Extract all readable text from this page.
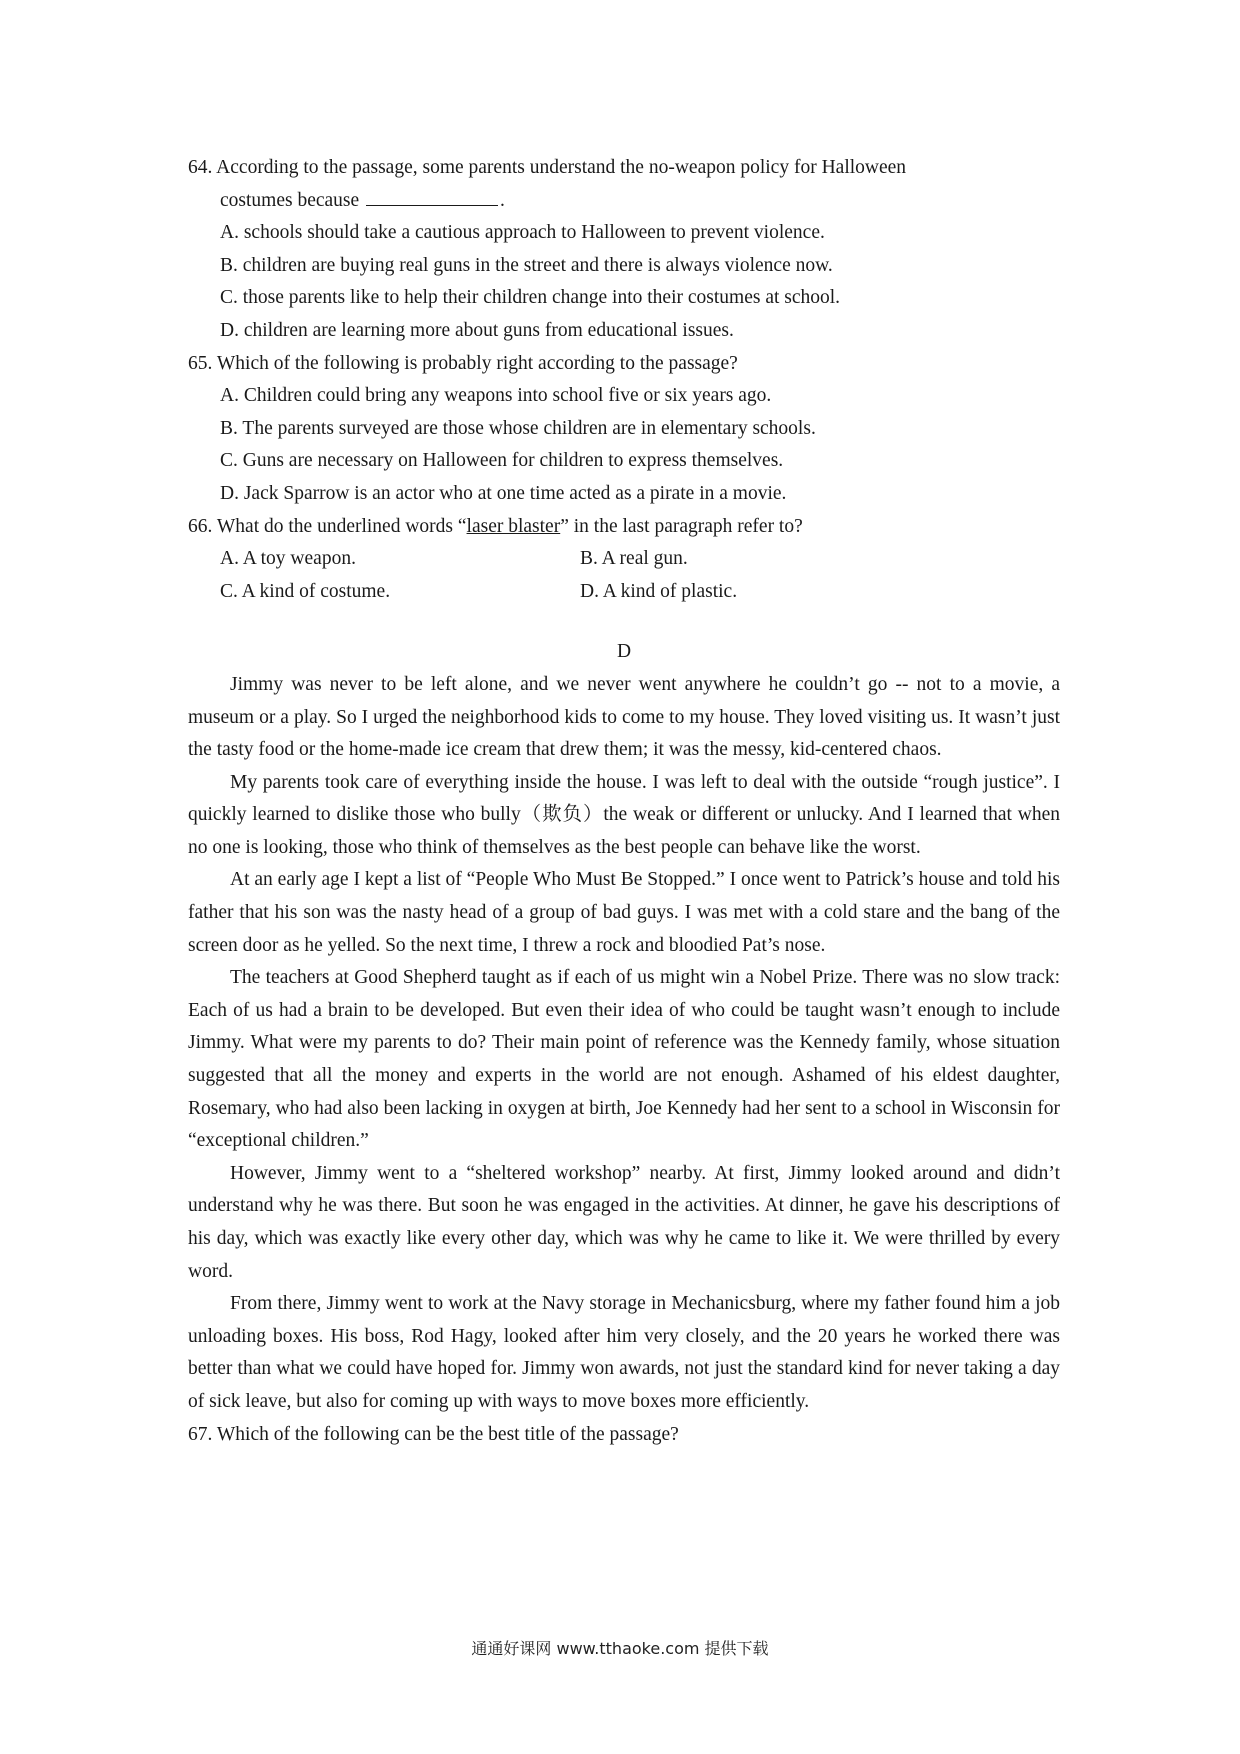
64. According to the passage, some parents understand the no-weapon policy for Halloween
costumes because	.
A. schools should take a cautious approach to Halloween to prevent violence.
B. children are buying real guns in the street and there is always violence now.
C. those parents like to help their children change into their costumes at school.
D. children are learning more about guns from educational issues.
65. Which of the following is probably right according to the passage?
A. Children could bring any weapons into school five or six years ago.
B. The parents surveyed are those whose children are in elementary schools.
C. Guns are necessary on Halloween for children to express themselves.
D. Jack Sparrow is an actor who at one time acted as a pirate in a movie.
66. What do the underlined words “laser blaster” in the last paragraph refer to?
A. A toy weapon.	B. A real gun.
C. A kind of costume.	D. A kind of plastic.
D

Jimmy was never to be left alone, and we never went anywhere he couldn’t go -- not to a movie, a museum or a play. So I urged the neighborhood kids to come to my house. They loved visiting us. It wasn’t just the tasty food or the home-made ice cream that drew them; it was the messy, kid-centered chaos.

My parents took care of everything inside the house. I was left to deal with the outside “rough justice”. I quickly learned to dislike those who bully（欺负）the weak or different or unlucky. And I learned that when no one is looking, those who think of themselves as the best people can behave like the worst.

At an early age I kept a list of “People Who Must Be Stopped.” I once went to Patrick’s house and told his father that his son was the nasty head of a group of bad guys. I was met with a cold stare and the bang of the screen door as he yelled. So the next time, I threw a rock and bloodied Pat’s nose.

The teachers at Good Shepherd taught as if each of us might win a Nobel Prize. There was no slow track: Each of us had a brain to be developed. But even their idea of who could be taught wasn’t enough to include Jimmy. What were my parents to do? Their main point of reference was the Kennedy family, whose situation suggested that all the money and experts in the world are not enough. Ashamed of his eldest daughter, Rosemary, who had also been lacking in oxygen at birth, Joe Kennedy had her sent to a school in Wisconsin for “exceptional children.”

However, Jimmy went to a “sheltered workshop” nearby. At first, Jimmy looked around and didn’t understand why he was there. But soon he was engaged in the activities. At dinner, he gave his descriptions of his day, which was exactly like every other day, which was why he came to like it. We were thrilled by every word.

From there, Jimmy went to work at the Navy storage in Mechanicsburg, where my father found him a job unloading boxes. His boss, Rod Hagy, looked after him very closely, and the 20 years he worked there was better than what we could have hoped for. Jimmy won awards, not just the standard kind for never taking a day of sick leave, but also for coming up with ways to move boxes more efficiently.

67. Which of the following can be the best title of the passage?
通通好课网 www.tthaoke.com 提供下载
